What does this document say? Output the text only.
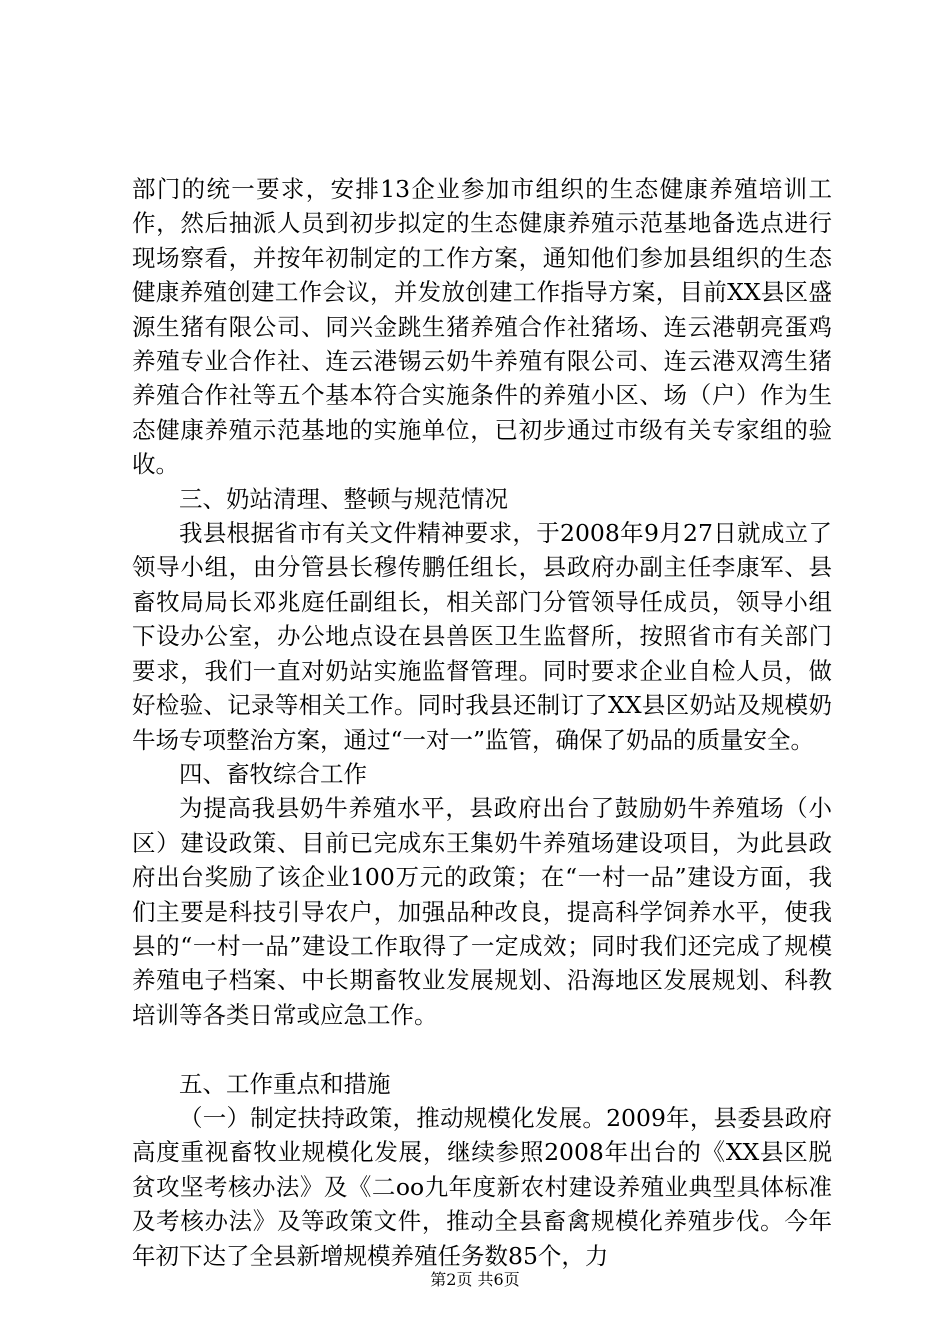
部门的统一要求，安排13企业参加市组织的生态健康养殖培训工作，然后抽派人员到初步拟定的生态健康养殖示范基地备选点进行现场察看，并按年初制定的工作方案，通知他们参加县组织的生态健康养殖创建工作会议，并发放创建工作指导方案，目前XX县区盛源生猪有限公司、同兴金跳生猪养殖合作社猪场、连云港朝亮蛋鸡养殖专业合作社、连云港锡云奶牛养殖有限公司、连云港双湾生猪养殖合作社等五个基本符合实施条件的养殖小区、场（户）作为生态健康养殖示范基地的实施单位，已初步通过市级有关专家组的验收。

三、奶站清理、整顿与规范情况

我县根据省市有关文件精神要求，于2008年9月27日就成立了领导小组，由分管县长穆传鹏任组长，县政府办副主任李康军、县畜牧局局长邓兆庭任副组长，相关部门分管领导任成员，领导小组下设办公室，办公地点设在县兽医卫生监督所，按照省市有关部门要求，我们一直对奶站实施监督管理。同时要求企业自检人员，做好检验、记录等相关工作。同时我县还制订了XX县区奶站及规模奶牛场专项整治方案，通过“一对一”监管，确保了奶品的质量安全。

四、畜牧综合工作

为提高我县奶牛养殖水平，县政府出台了鼓励奶牛养殖场（小区）建设政策、目前已完成东王集奶牛养殖场建设项目，为此县政府出台奖励了该企业100万元的政策；在“一村一品”建设方面，我们主要是科技引导农户，加强品种改良，提高科学饲养水平，使我县的“一村一品”建设工作取得了一定成效；同时我们还完成了规模养殖电子档案、中长期畜牧业发展规划、沿海地区发展规划、科教培训等各类日常或应急工作。

五、工作重点和措施

（一）制定扶持政策，推动规模化发展。2009年，县委县政府高度重视畜牧业规模化发展，继续参照2008年出台的《XX县区脱贫攻坚考核办法》及《二oo九年度新农村建设养殖业典型具体标准及考核办法》及等政策文件，推动全县畜禽规模化养殖步伐。今年年初下达了全县新增规模养殖任务数85个，力

第2页 共6页
